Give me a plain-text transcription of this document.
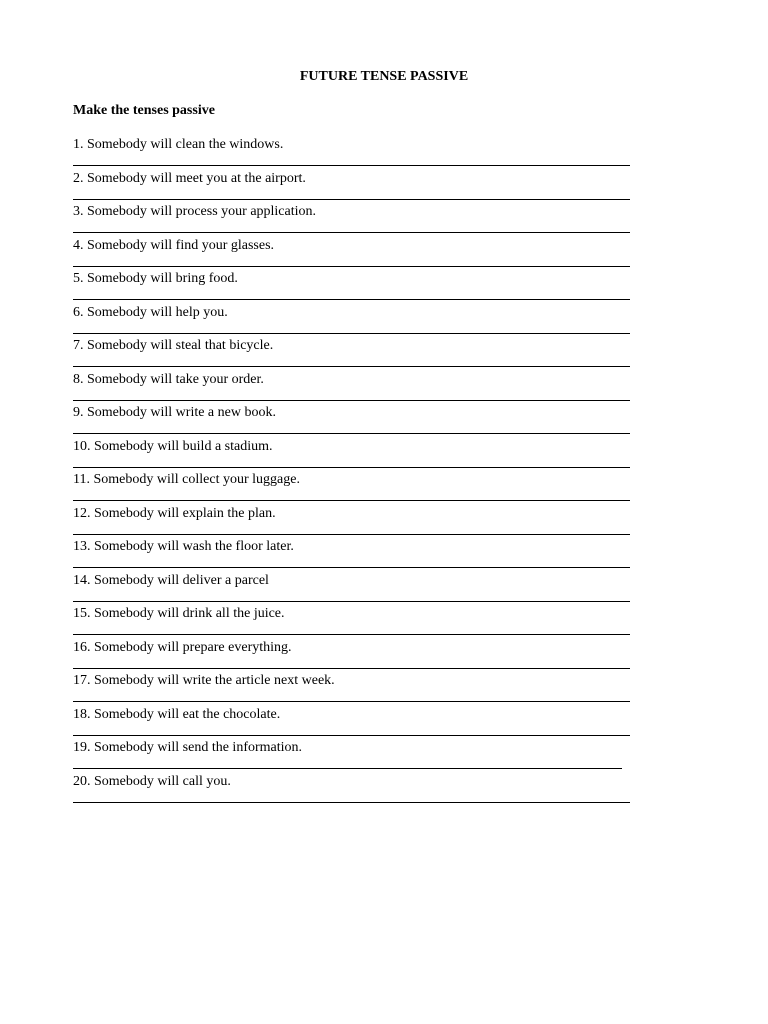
FUTURE TENSE PASSIVE
Make the tenses passive
1. Somebody will clean the windows.
2. Somebody will meet you at the airport.
3. Somebody will process your application.
4. Somebody will find your glasses.
5. Somebody will bring food.
6. Somebody will help you.
7. Somebody will steal that bicycle.
8. Somebody will take your order.
9. Somebody will write a new book.
10. Somebody will build a stadium.
11. Somebody will collect your luggage.
12. Somebody will explain the plan.
13. Somebody will wash the floor later.
14. Somebody will deliver a parcel
15. Somebody will drink all the juice.
16. Somebody will prepare everything.
17. Somebody will write the article next week.
18. Somebody will eat the chocolate.
19. Somebody will send the information.
20. Somebody will call you.
